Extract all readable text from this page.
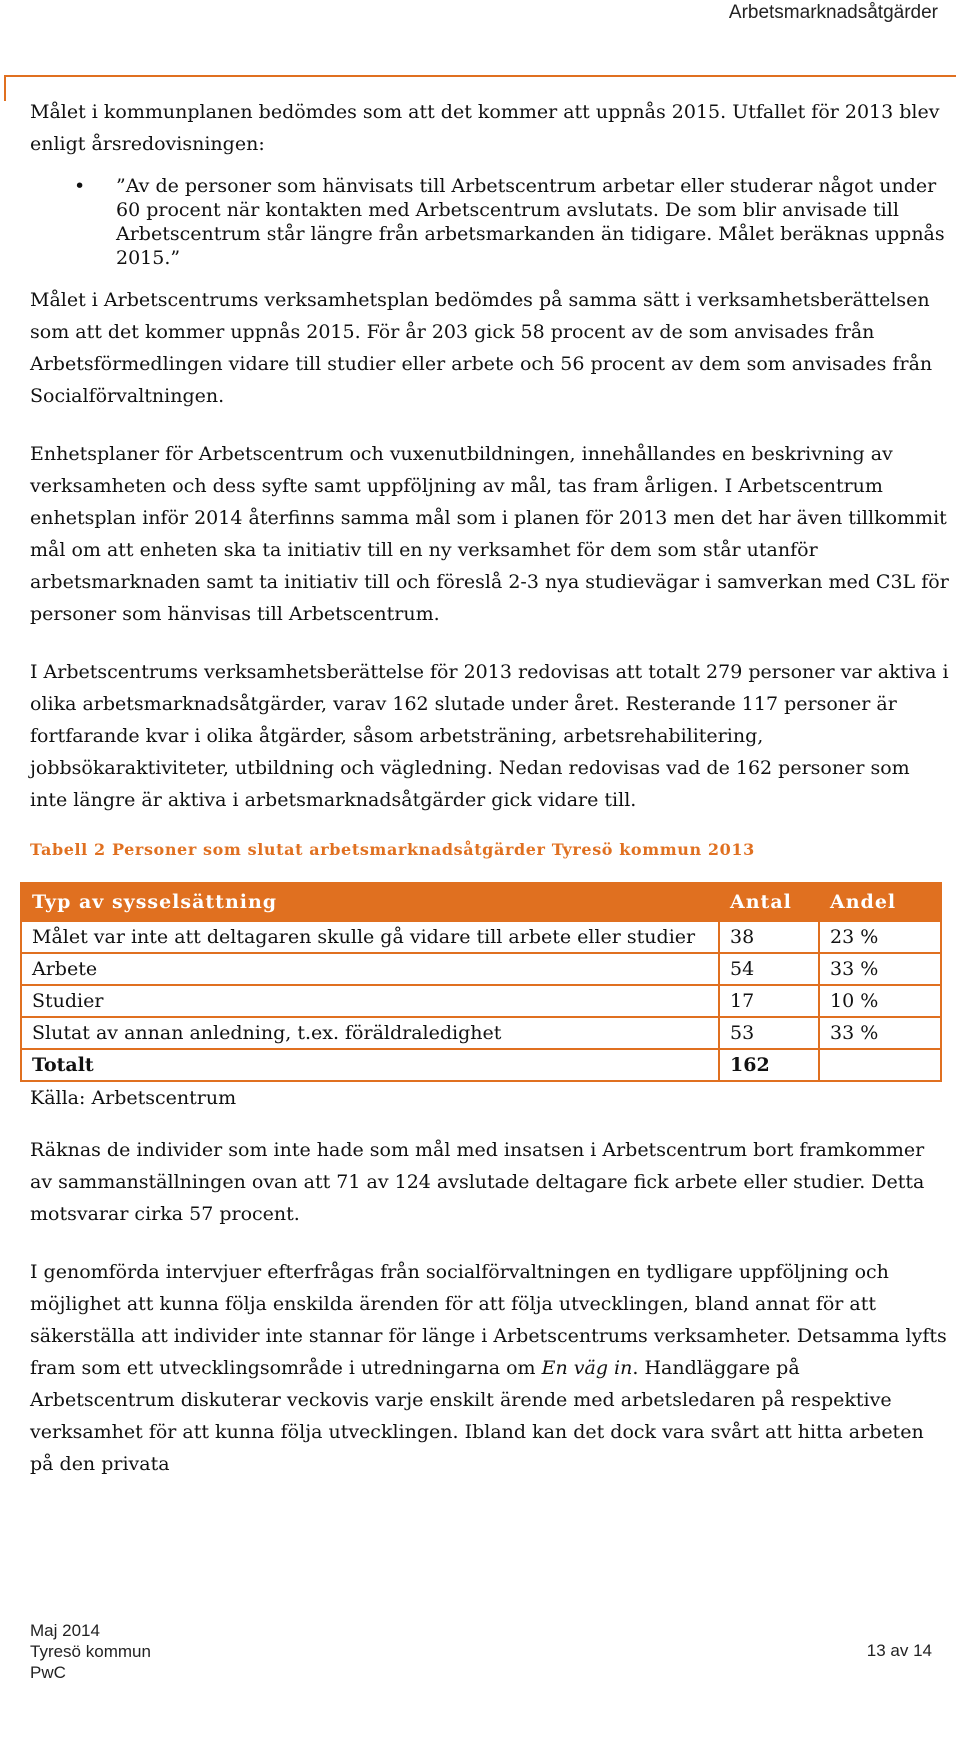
Arbetsmarknadsåtgärder

Målet i kommunplanen bedömdes som att det kommer att uppnås 2015. Utfallet för 2013 blev enligt årsredovisningen:

• ”Av de personer som hänvisats till Arbetscentrum arbetar eller studerar något under 60 procent när kontakten med Arbetscentrum avslutats. De som blir anvisade till Arbetscentrum står längre från arbetsmarkanden än tidigare. Målet beräknas uppnås 2015.”

Målet i Arbetscentrums verksamhetsplan bedömdes på samma sätt i verksamhetsberättelsen som att det kommer uppnås 2015. För år 203 gick 58 procent av de som anvisades från Arbetsförmedlingen vidare till studier eller arbete och 56 procent av dem som anvisades från Socialförvaltningen.

Enhetsplaner för Arbetscentrum och vuxenutbildningen, innehållandes en beskrivning av verksamheten och dess syfte samt uppföljning av mål, tas fram årligen. I Arbetscentrum enhetsplan inför 2014 återfinns samma mål som i planen för 2013 men det har även tillkommit mål om att enheten ska ta initiativ till en ny verksamhet för dem som står utanför arbetsmarknaden samt ta initiativ till och föreslå 2-3 nya studievägar i samverkan med C3L för personer som hänvisas till Arbetscentrum.

I Arbetscentrums verksamhetsberättelse för 2013 redovisas att totalt 279 personer var aktiva i olika arbetsmarknadsåtgärder, varav 162 slutade under året. Resterande 117 personer är fortfarande kvar i olika åtgärder, såsom arbetsträning, arbetsrehabilitering, jobbsökaraktiviteter, utbildning och vägledning. Nedan redovisas vad de 162 personer som inte längre är aktiva i arbetsmarknadsåtgärder gick vidare till.

Tabell 2 Personer som slutat arbetsmarknadsåtgärder Tyresö kommun 2013

Typ av sysselsättning	Antal	Andel
Målet var inte att deltagaren skulle gå vidare till arbete eller studier	38	23 %
Arbete	54	33 %
Studier	17	10 %
Slutat av annan anledning, t.ex. föräldraledighet	53	33 %
Totalt	162	

Källa: Arbetscentrum

Räknas de individer som inte hade som mål med insatsen i Arbetscentrum bort framkommer av sammanställningen ovan att 71 av 124 avslutade deltagare fick arbete eller studier. Detta motsvarar cirka 57 procent.

I genomförda intervjuer efterfrågas från socialförvaltningen en tydligare uppföljning och möjlighet att kunna följa enskilda ärenden för att följa utvecklingen, bland annat för att säkerställa att individer inte stannar för länge i Arbetscentrums verksamheter. Detsamma lyfts fram som ett utvecklingsområde i utredningarna om En väg in. Handläggare på Arbetscentrum diskuterar veckovis varje enskilt ärende med arbetsledaren på respektive verksamhet för att kunna följa utvecklingen. Ibland kan det dock vara svårt att hitta arbeten på den privata

Maj 2014
Tyresö kommun
PwC
13 av 14
